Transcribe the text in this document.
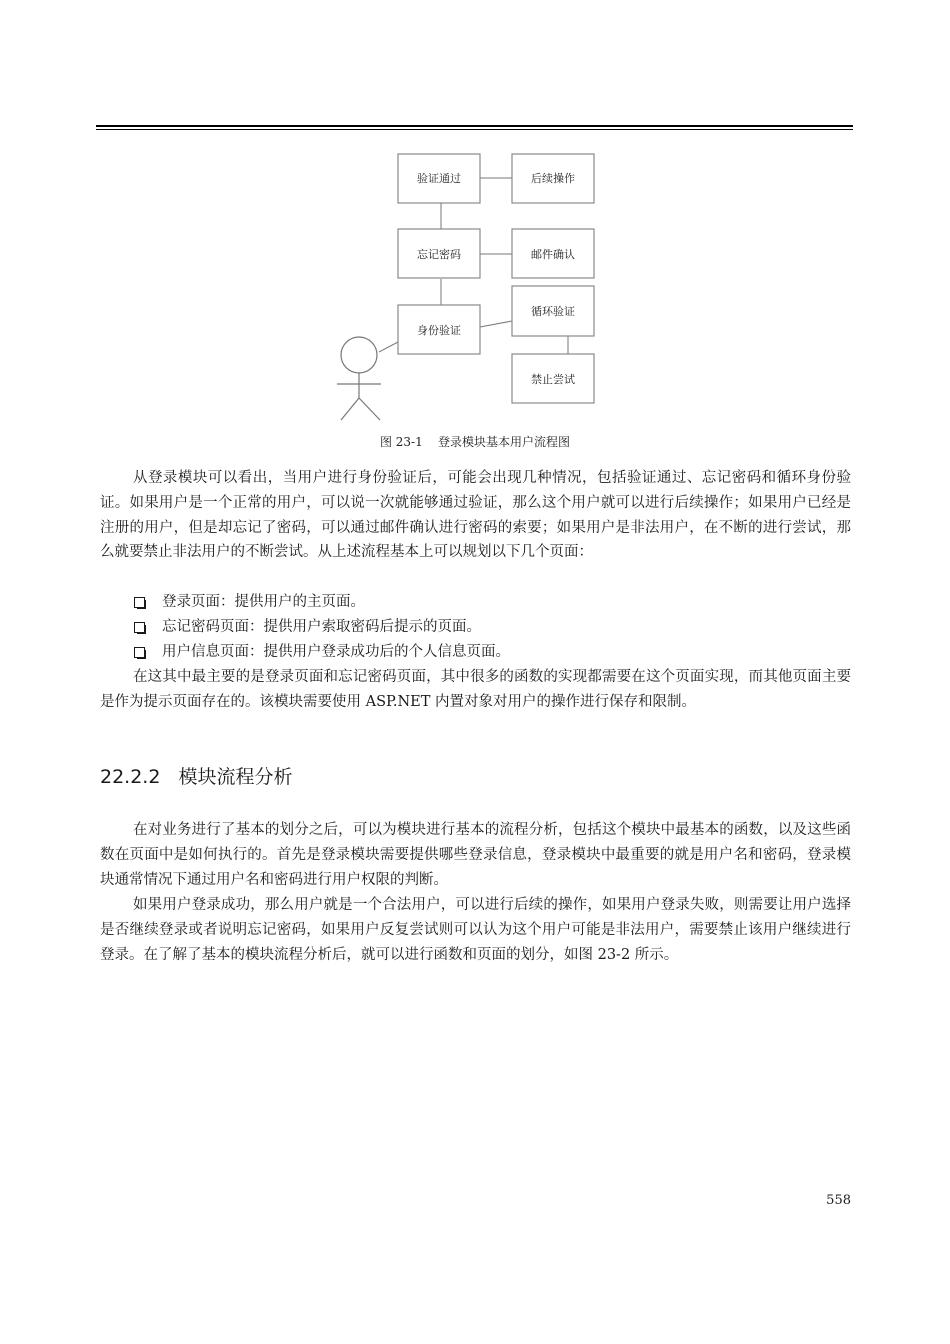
验证通过	后续操作
忘记密码	邮件确认
身份验证
循环验证
禁止尝试
图 23-1    登录模块基本用户流程图

从登录模块可以看出，当用户进行身份验证后，可能会出现几种情况，包括验证通过、忘记密码和循环身份验证。如果用户是一个正常的用户，可以说一次就能够通过验证，那么这个用户就可以进行后续操作；如果用户已经是注册的用户，但是却忘记了密码，可以通过邮件确认进行密码的索要；如果用户是非法用户，在不断的进行尝试，那么就要禁止非法用户的不断尝试。从上述流程基本上可以规划以下几个页面：

登录页面：提供用户的主页面。
忘记密码页面：提供用户索取密码后提示的页面。
用户信息页面：提供用户登录成功后的个人信息页面。

在这其中最主要的是登录页面和忘记密码页面，其中很多的函数的实现都需要在这个页面实现，而其他页面主要是作为提示页面存在的。该模块需要使用 ASP.NET 内置对象对用户的操作进行保存和限制。

22.2.2   模块流程分析

在对业务进行了基本的划分之后，可以为模块进行基本的流程分析，包括这个模块中最基本的函数，以及这些函数在页面中是如何执行的。首先是登录模块需要提供哪些登录信息，登录模块中最重要的就是用户名和密码，登录模块通常情况下通过用户名和密码进行用户权限的判断。

如果用户登录成功，那么用户就是一个合法用户，可以进行后续的操作，如果用户登录失败，则需要让用户选择是否继续登录或者说明忘记密码，如果用户反复尝试则可以认为这个用户可能是非法用户，需要禁止该用户继续进行登录。在了解了基本的模块流程分析后，就可以进行函数和页面的划分，如图 23-2 所示。

558
